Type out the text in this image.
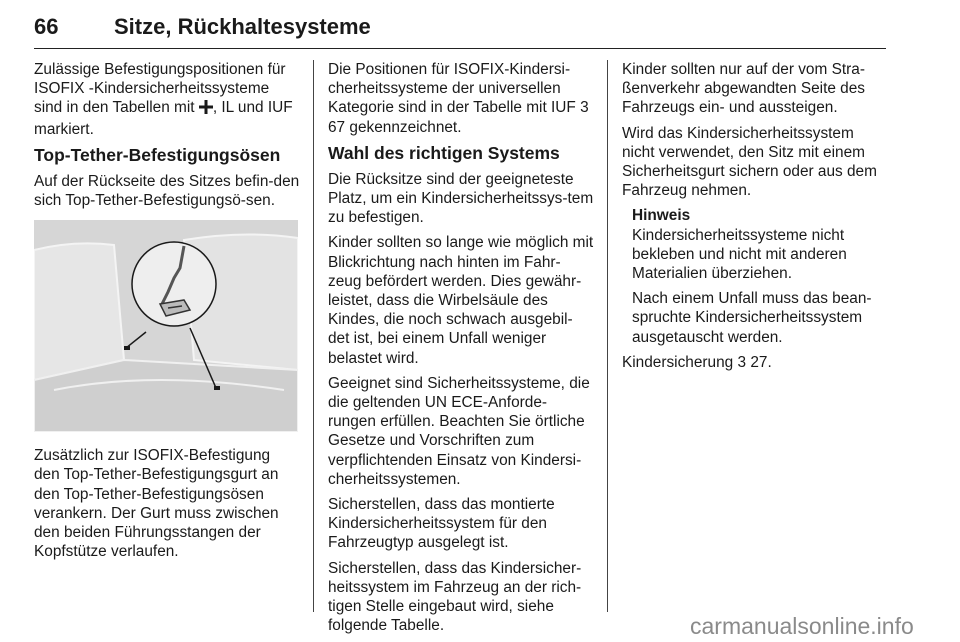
66	Sitze, Rückhaltesysteme

Zulässige Befestigungspositionen für ISOFIX -Kindersicherheitssysteme sind in den Tabellen mit , IL und IUF markiert.

Top-Tether-Befestigungsösen

Auf der Rückseite des Sitzes befin-den sich Top-Tether-Befestigungsö-sen.

Zusätzlich zur ISOFIX-Befestigung den Top-Tether-Befestigungsgurt an den Top-Tether-Befestigungsösen verankern. Der Gurt muss zwischen den beiden Führungsstangen der Kopfstütze verlaufen.

Die Positionen für ISOFIX-Kindersi-cherheitssysteme der universellen Kategorie sind in der Tabelle mit IUF 3 67 gekennzeichnet.

Wahl des richtigen Systems

Die Rücksitze sind der geeigneteste Platz, um ein Kindersicherheitssys-tem zu befestigen.

Kinder sollten so lange wie möglich mit Blickrichtung nach hinten im Fahr-zeug befördert werden. Dies gewähr-leistet, dass die Wirbelsäule des Kindes, die noch schwach ausgebil-det ist, bei einem Unfall weniger belastet wird.

Geeignet sind Sicherheitssysteme, die die geltenden UN ECE-Anforde-rungen erfüllen. Beachten Sie örtliche Gesetze und Vorschriften zum verpflichtenden Einsatz von Kindersi-cherheitssystemen.

Sicherstellen, dass das montierte Kindersicherheitssystem für den Fahrzeugtyp ausgelegt ist.

Sicherstellen, dass das Kindersicher-heitssystem im Fahrzeug an der rich-tigen Stelle eingebaut wird, siehe folgende Tabelle.

Kinder sollten nur auf der vom Stra-ßenverkehr abgewandten Seite des Fahrzeugs ein- und aussteigen.

Wird das Kindersicherheitssystem nicht verwendet, den Sitz mit einem Sicherheitsgurt sichern oder aus dem Fahrzeug nehmen.

Hinweis

Kindersicherheitssysteme nicht bekleben und nicht mit anderen Materialien überziehen.

Nach einem Unfall muss das bean-spruchte Kindersicherheitssystem ausgetauscht werden.

Kindersicherung 3 27.

carmanualsonline.info
